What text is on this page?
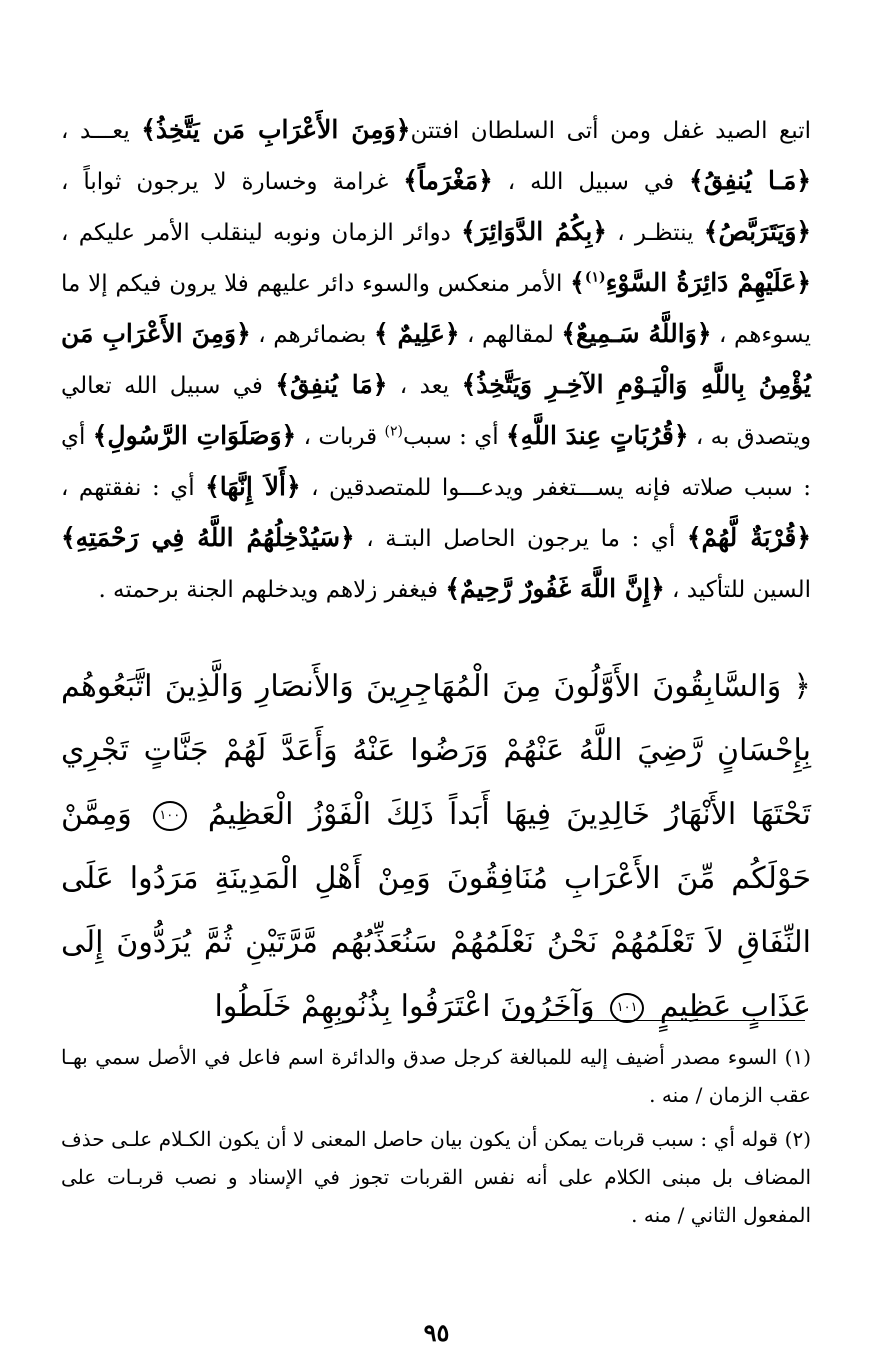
اتبع الصيد غفل ومن أتى السلطان افتتن﴿وَمِنَ الأَعْرَابِ مَن يَتَّخِذُ﴾ يعـــد ، ﴿مَـا يُنفِقُ﴾ في سبيل الله ، ﴿مَغْرَماً﴾ غرامة وخسارة لا يرجون ثواباً ، ﴿وَيَتَرَبَّصُ﴾ ينتظـر ، ﴿بِكُمُ الدَّوَائِرَ﴾ دوائر الزمان ونوبه لينقلب الأمر عليكم ، ﴿عَلَيْهِمْ دَائِرَةُ السَّوْءِ$^{(١)}$﴾ الأمر منعكس والسوء دائر عليهم فلا يرون فيكم إلا ما يسوءهم ، ﴿وَاللَّهُ سَـمِيعٌ﴾ لمقالهم ، ﴿عَلِيمٌ ﴾ بضمائرهم ، ﴿وَمِنَ الأَعْرَابِ مَن يُؤْمِنُ بِاللَّهِ وَالْيَـوْمِ الآخِـرِ وَيَتَّخِذُ﴾ يعد ، ﴿مَا يُنفِقُ﴾ في سبيل الله تعالي ويتصدق به ، ﴿قُرُبَاتٍ عِندَ اللَّهِ﴾ أي : سبب$^{(٢)}$ قربات ، ﴿وَصَلَوَاتِ الرَّسُولِ﴾ أي : سبب صلاته فإنه يســـتغفر ويدعـــوا للمتصدقين ، ﴿أَلاَ إِنَّهَا﴾ أي : نفقتهم ، ﴿قُرْبَةٌ لَّهُمْ﴾ أي : ما يرجون الحاصل البتـة ، ﴿سَيُدْخِلُهُمُ اللَّهُ فِي رَحْمَتِهِ﴾ السين للتأكيد ، ﴿إِنَّ اللَّهَ غَفُورٌ رَّحِيمٌ﴾ فيغفر زلاهم ويدخلهم الجنة برحمته .
﴿ وَالسَّابِقُونَ الأَوَّلُونَ مِنَ الْمُهَاجِرِينَ وَالأَنصَارِ وَالَّذِينَ اتَّبَعُوهُم بِإِحْسَانٍ رَّضِيَ اللَّهُ عَنْهُمْ وَرَضُوا عَنْهُ وَأَعَدَّ لَهُمْ جَنَّاتٍ تَجْرِي تَحْتَهَا الأَنْهَارُ خَالِدِينَ فِيهَا أَبَداً ذَلِكَ الْفَوْزُ الْعَظِيمُ ١٠٠ وَمِمَّنْ حَوْلَكُم مِّنَ الأَعْرَابِ مُنَافِقُونَ وَمِنْ أَهْلِ الْمَدِينَةِ مَرَدُوا عَلَى النِّفَاقِ لاَ تَعْلَمُهُمْ نَحْنُ نَعْلَمُهُمْ سَنُعَذِّبُهُم مَّرَّتَيْنِ ثُمَّ يُرَدُّونَ إِلَى عَذَابٍ عَظِيمٍ ١٠١ وَآخَرُونَ اعْتَرَفُوا بِذُنُوبِهِمْ خَلَطُوا
(١) السوء مصدر أضيف إليه للمبالغة كرجل صدق والدائرة اسم فاعل في الأصل سمي بهـا عقب الزمان / منه .
(٢) قوله أي : سبب قربات يمكن أن يكون بيان حاصل المعنى لا أن يكون الكـلام علـى حذف المضاف بل مبنى الكلام على أنه نفس القربات تجوز في الإسناد و نصب قربـات على المفعول الثاني / منه .
٩٥
